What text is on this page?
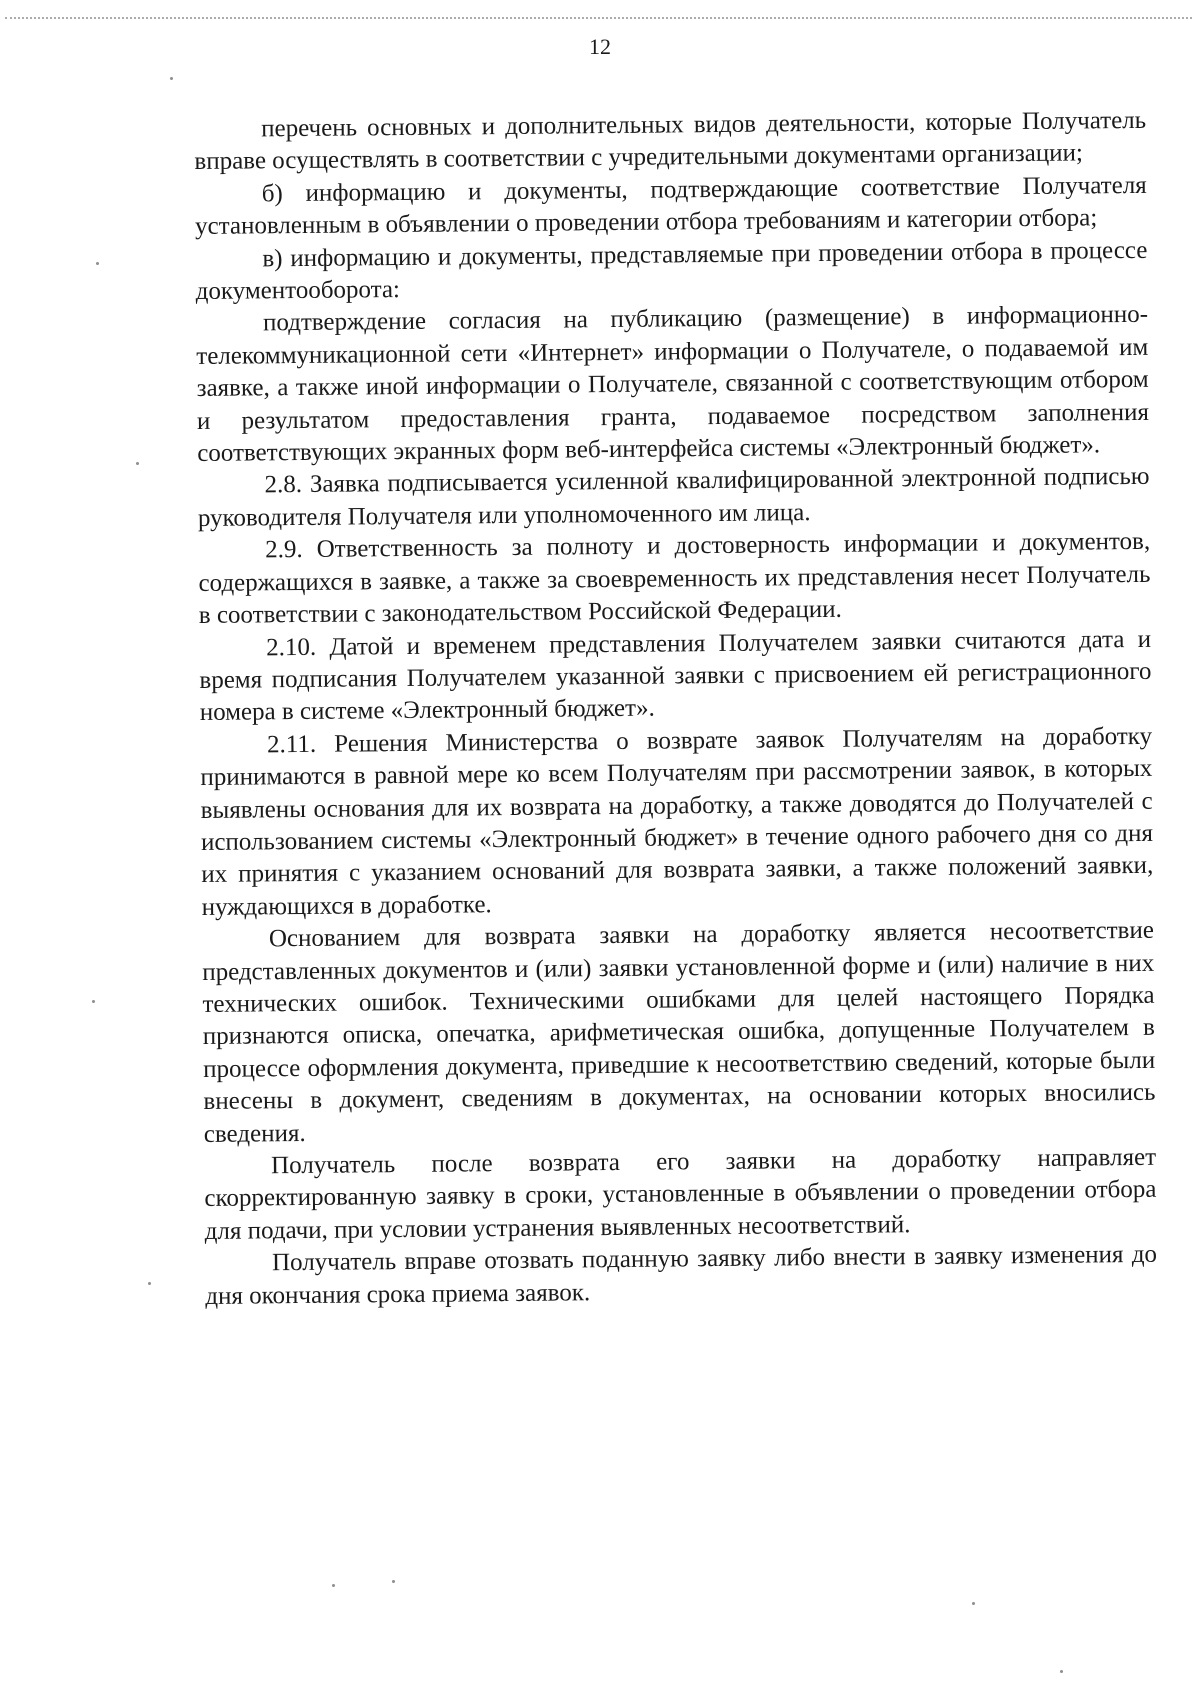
12

перечень основных и дополнительных видов деятельности, которые Получатель вправе осуществлять в соответствии с учредительными документами организации;

б) информацию и документы, подтверждающие соответствие Получателя установленным в объявлении о проведении отбора требованиям и категории отбора;

в) информацию и документы, представляемые при проведении отбора в процессе документооборота:

подтверждение согласия на публикацию (размещение) в информационно-телекоммуникационной сети «Интернет» информации о Получателе, о подаваемой им заявке, а также иной информации о Получателе, связанной с соответствующим отбором и результатом предоставления гранта, подаваемое посредством заполнения соответствующих экранных форм веб-интерфейса системы «Электронный бюджет».

2.8. Заявка подписывается усиленной квалифицированной электронной подписью руководителя Получателя или уполномоченного им лица.

2.9. Ответственность за полноту и достоверность информации и документов, содержащихся в заявке, а также за своевременность их представления несет Получатель в соответствии с законодательством Российской Федерации.

2.10. Датой и временем представления Получателем заявки считаются дата и время подписания Получателем указанной заявки с присвоением ей регистрационного номера в системе «Электронный бюджет».

2.11. Решения Министерства о возврате заявок Получателям на доработку принимаются в равной мере ко всем Получателям при рассмотрении заявок, в которых выявлены основания для их возврата на доработку, а также доводятся до Получателей с использованием системы «Электронный бюджет» в течение одного рабочего дня со дня их принятия с указанием оснований для возврата заявки, а также положений заявки, нуждающихся в доработке.

Основанием для возврата заявки на доработку является несоответствие представленных документов и (или) заявки установленной форме и (или) наличие в них технических ошибок. Техническими ошибками для целей настоящего Порядка признаются описка, опечатка, арифметическая ошибка, допущенные Получателем в процессе оформления документа, приведшие к несоответствию сведений, которые были внесены в документ, сведениям в документах, на основании которых вносились сведения.

Получатель после возврата его заявки на доработку направляет скорректированную заявку в сроки, установленные в объявлении о проведении отбора для подачи, при условии устранения выявленных несоответствий.

Получатель вправе отозвать поданную заявку либо внести в заявку изменения до дня окончания срока приема заявок.
